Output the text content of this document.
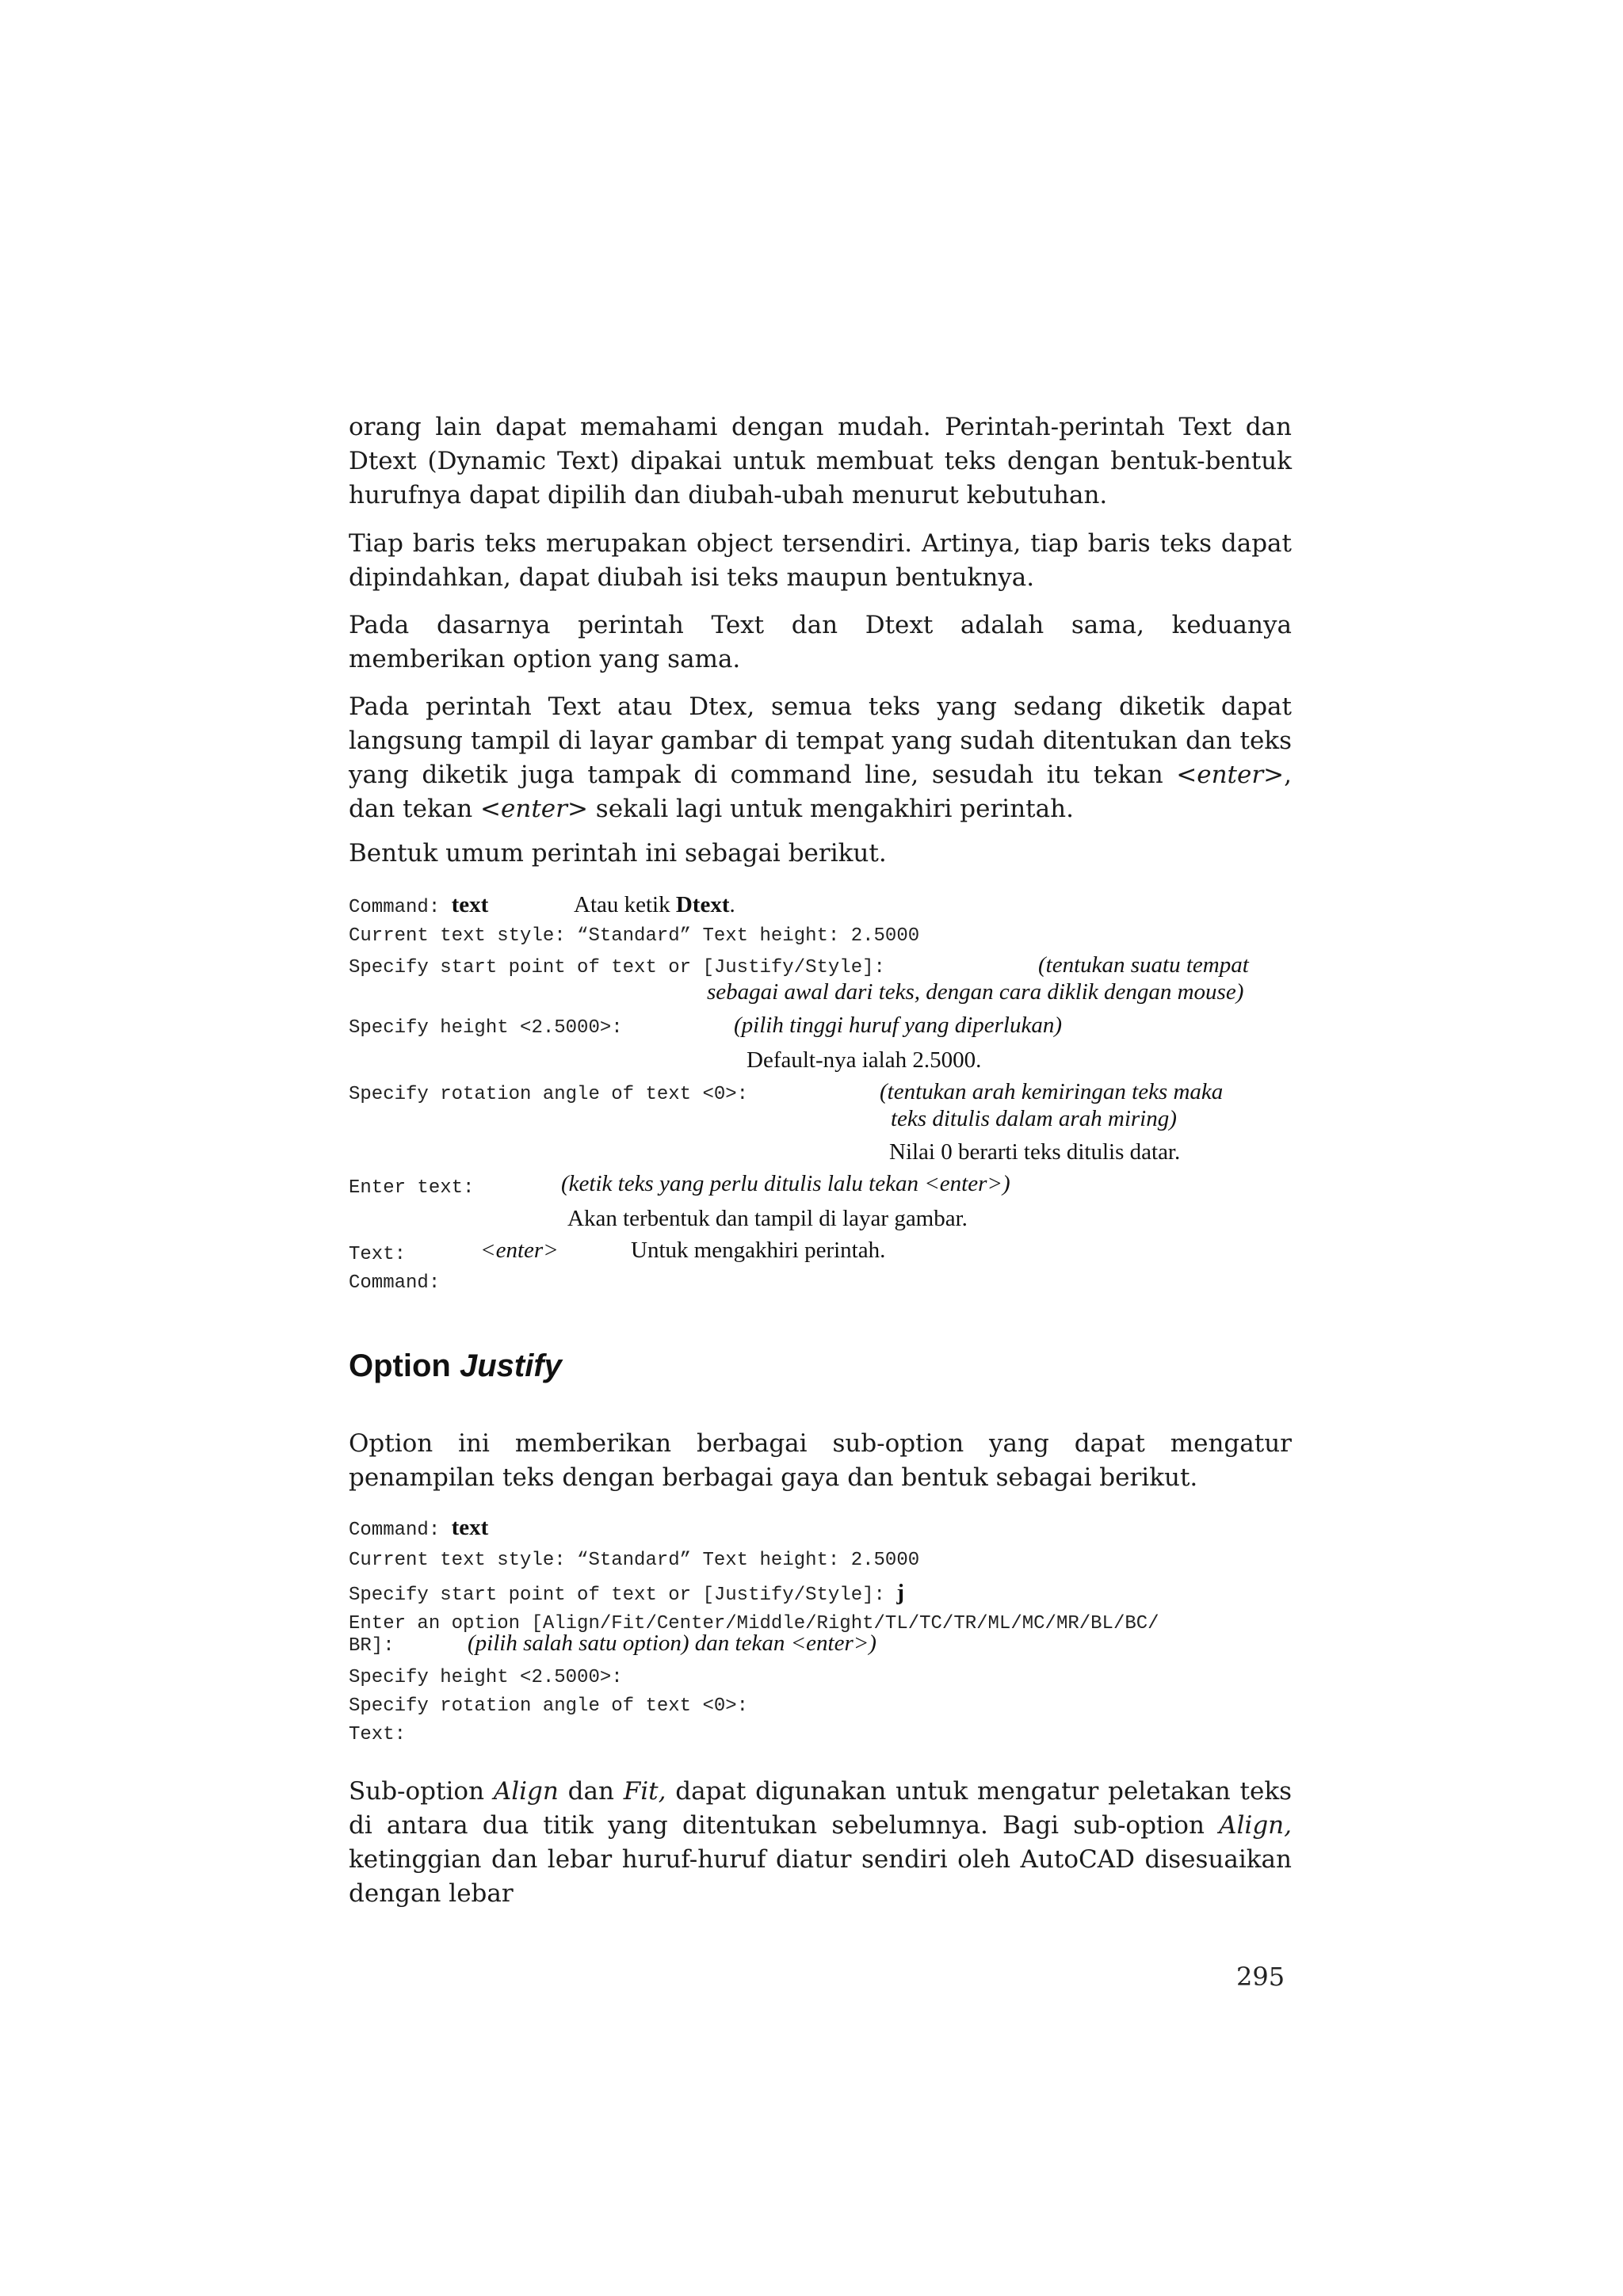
orang lain dapat memahami dengan mudah. Perintah-perintah Text dan Dtext (Dynamic Text) dipakai untuk membuat teks dengan bentuk-bentuk hurufnya dapat dipilih dan diubah-ubah menurut kebutuhan.

Tiap baris teks merupakan object tersendiri. Artinya, tiap baris teks dapat dipindahkan, dapat diubah isi teks maupun bentuknya.

Pada dasarnya perintah Text dan Dtext adalah sama, keduanya memberikan option yang sama.

Pada perintah Text atau Dtex, semua teks yang sedang diketik dapat langsung tampil di layar gambar di tempat yang sudah ditentukan dan teks yang diketik juga tampak di command line, sesudah itu tekan <enter>, dan tekan <enter> sekali lagi untuk mengakhiri perintah.

Bentuk umum perintah ini sebagai berikut.

Command: text	Atau ketik Dtext.
Current text style: “Standard” Text height: 2.5000
Specify start point of text or [Justify/Style]:	(tentukan suatu tempat
sebagai awal dari teks, dengan cara diklik dengan mouse)
Specify height <2.5000>:	(pilih tinggi huruf yang diperlukan)
Default-nya ialah 2.5000.
Specify rotation angle of text <0>:	(tentukan arah kemiringan teks maka
teks ditulis dalam arah miring)
Nilai 0 berarti teks ditulis datar.
Enter text:	(ketik teks yang perlu ditulis lalu tekan <enter>)
Akan terbentuk dan tampil di layar gambar.
Text:	<enter>	Untuk mengakhiri perintah.
Command:
Option Justify

Option ini memberikan berbagai sub-option yang dapat mengatur penampilan teks dengan berbagai gaya dan bentuk sebagai berikut.

Command: text
Current text style: “Standard” Text height: 2.5000
Specify start point of text or [Justify/Style]: j
Enter an option [Align/Fit/Center/Middle/Right/TL/TC/TR/ML/MC/MR/BL/BC/
BR]:	(pilih salah satu option) dan tekan <enter>)
Specify height <2.5000>:
Specify rotation angle of text <0>:
Text:

Sub-option Align dan Fit, dapat digunakan untuk mengatur peletakan teks di antara dua titik yang ditentukan sebelumnya. Bagi sub-option Align, ketinggian dan lebar huruf-huruf diatur sendiri oleh AutoCAD disesuaikan dengan lebar

295
